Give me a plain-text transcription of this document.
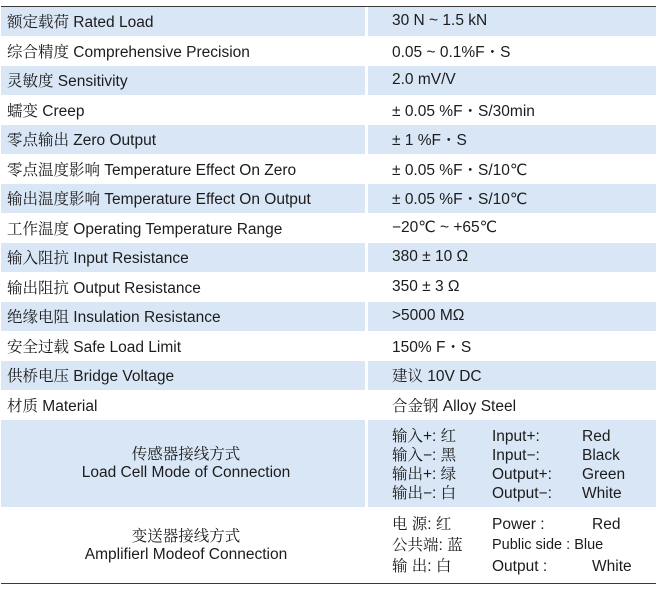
额定载荷 Rated Load	30 N ~ 1.5 kN
综合精度 Comprehensive Precision	0.05 ~ 0.1%F・S
灵敏度 Sensitivity	2.0 mV/V
蠕变 Creep	± 0.05 %F・S/30min
零点输出 Zero Output	± 1 %F・S
零点温度影响 Temperature Effect On Zero	± 0.05 %F・S/10℃
输出温度影响 Temperature Effect On Output	± 0.05 %F・S/10℃
工作温度 Operating Temperature Range	−20℃ ~ +65℃
输入阻抗 Input Resistance	380 ± 10 Ω
输出阻抗 Output Resistance	350 ± 3 Ω
绝缘电阻 Insulation Resistance	>5000 MΩ
安全过载 Safe Load Limit	150% F・S
供桥电压 Bridge Voltage	建议 10V DC
材质 Material	合金钢 Alloy Steel
传感器接线方式
Load Cell Mode of Connection
输入+: 红	Input+:	Red
输入−: 黑	Input−:	Black
输出+: 绿	Output+:	Green
输出−: 白	Output−:	White
变送器接线方式
Amplifierl Modeof Connection
电 源: 红	Power :	Red
公共端: 蓝	Public side : Blue
输 出: 白	Output :	White
